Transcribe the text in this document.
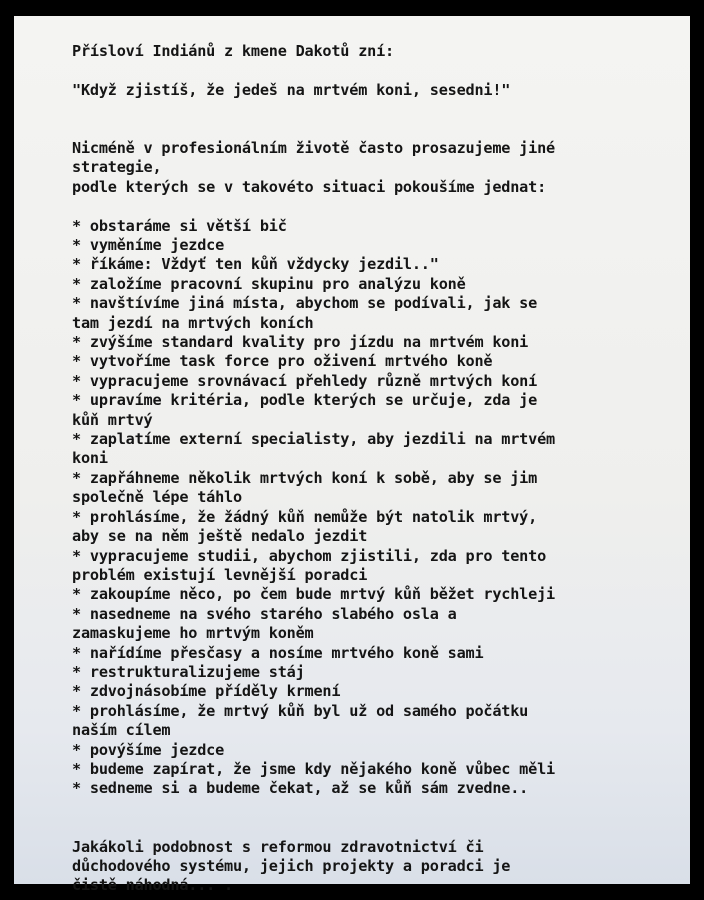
Přísloví Indiánů z kmene Dakotů zní:
"Když zjistíš, že jedeš na mrtvém koni, sesedni!"
Nicméně v profesionálním životě často prosazujeme jiné
strategie,
podle kterých se v takovéto situaci pokoušíme jednat:
* obstaráme si větší bič
* vyměníme jezdce
* říkáme: Vždyť ten kůň vždycky jezdil.."
* založíme pracovní skupinu pro analýzu koně
* navštívíme jiná místa, abychom se podívali, jak se
tam jezdí na mrtvých koních
* zvýšíme standard kvality pro jízdu na mrtvém koni
* vytvoříme task force pro oživení mrtvého koně
* vypracujeme srovnávací přehledy různě mrtvých koní
* upravíme kritéria, podle kterých se určuje, zda je
kůň mrtvý
* zaplatíme externí specialisty, aby jezdili na mrtvém
koni
* zapřáhneme několik mrtvých koní k sobě, aby se jim
společně lépe táhlo
* prohlásíme, že žádný kůň nemůže být natolik mrtvý,
aby se na něm ještě nedalo jezdit
* vypracujeme studii, abychom zjistili, zda pro tento
problém existují levnější poradci
* zakoupíme něco, po čem bude mrtvý kůň běžet rychleji
* nasedneme na svého starého slabého osla a
zamaskujeme ho mrtvým koněm
* nařídíme přesčasy a nosíme mrtvého koně sami
* restrukturalizujeme stáj
* zdvojnásobíme příděly krmení
* prohlásíme, že mrtvý kůň byl už od samého počátku
naším cílem
* povýšíme jezdce
* budeme zapírat, že jsme kdy nějakého koně vůbec měli
* sedneme si a budeme čekat, až se kůň sám zvedne..
Jakákoli podobnost s reformou zdravotnictví či
důchodového systému, jejich projekty a poradci je
čistě náhodná... .
